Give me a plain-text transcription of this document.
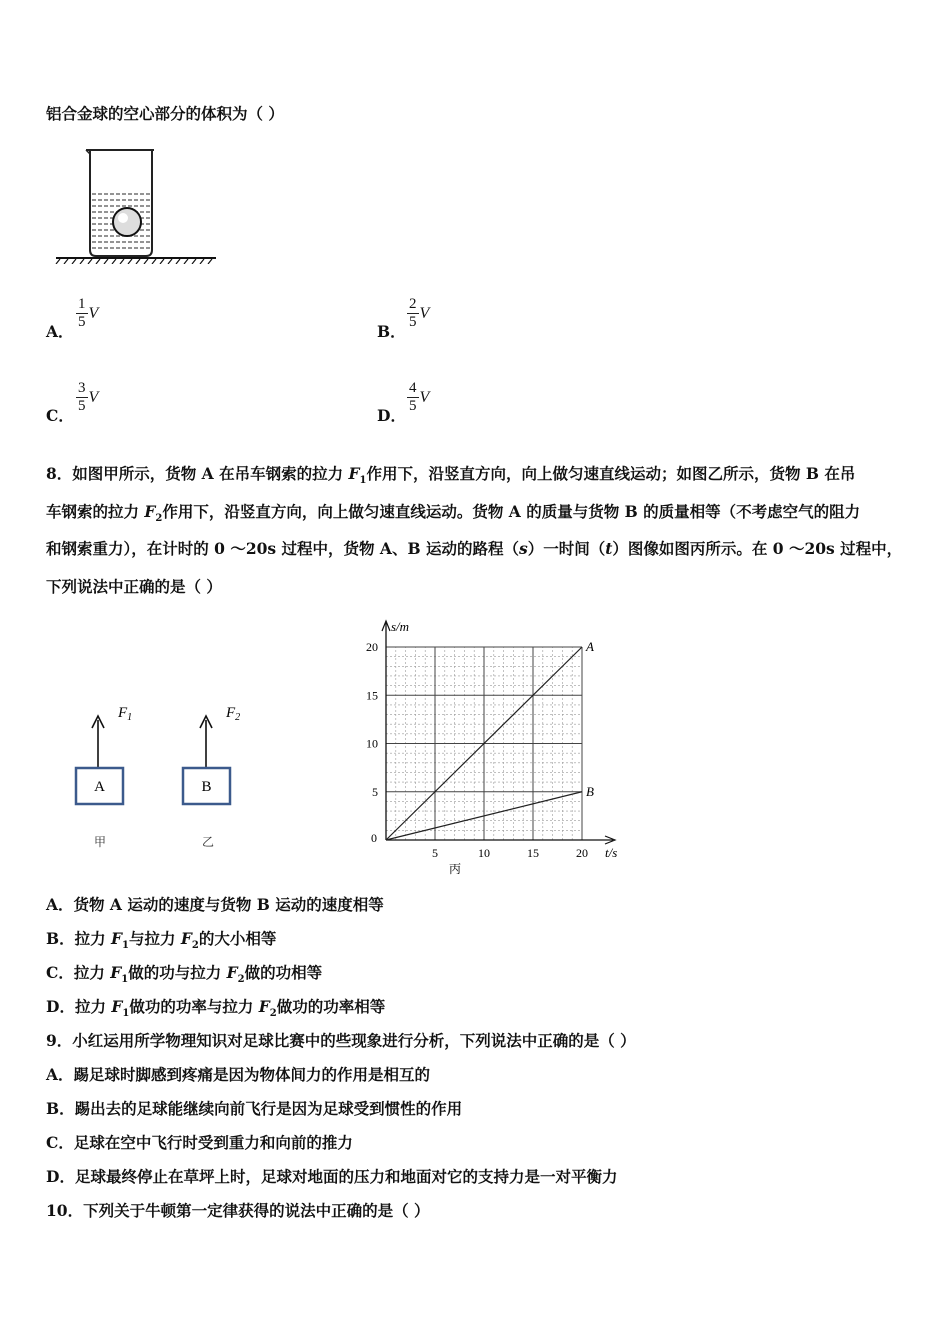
铝合金球的空心部分的体积为（ ）
A．
$\frac{1}{5}$ V
B．
$\frac{2}{5}$ V
C．
$\frac{3}{5}$ V
D．
$\frac{4}{5}$ V
8．如图甲所示，货物 A 在吊车钢索的拉力 $F_1$作用下，沿竖直方向，向上做匀速直线运动；如图乙所示，货物 B 在吊
车钢索的拉力 $F_2$作用下，沿竖直方向，向上做匀速直线运动。货物 A 的质量与货物 B 的质量相等（不考虑空气的阻力
和钢索重力），在计时的 0 ～20s 过程中，货物 A、B 运动的路程（s）一时间（t）图像如图丙所示。在 0 ～20s 过程中，
下列说法中正确的是（ ）
A
$F_1$
甲
B
$F_2$
乙	0
5	10	15	20
5
10
15
20	A
B
s/m
t/s
丙
A．货物 A 运动的速度与货物 B 运动的速度相等
B．拉力 $F_1$与拉力 $F_2$的大小相等
C．拉力 $F_1$做的功与拉力 $F_2$做的功相等
D．拉力 $F_1$做功的功率与拉力 $F_2$做功的功率相等
9．小红运用所学物理知识对足球比赛中的些现象进行分析，下列说法中正确的是（ ）
A．踢足球时脚感到疼痛是因为物体间力的作用是相互的
B．踢出去的足球能继续向前飞行是因为足球受到惯性的作用
C．足球在空中飞行时受到重力和向前的推力
D．足球最终停止在草坪上时，足球对地面的压力和地面对它的支持力是一对平衡力
10．下列关于牛顿第一定律获得的说法中正确的是（ ）
